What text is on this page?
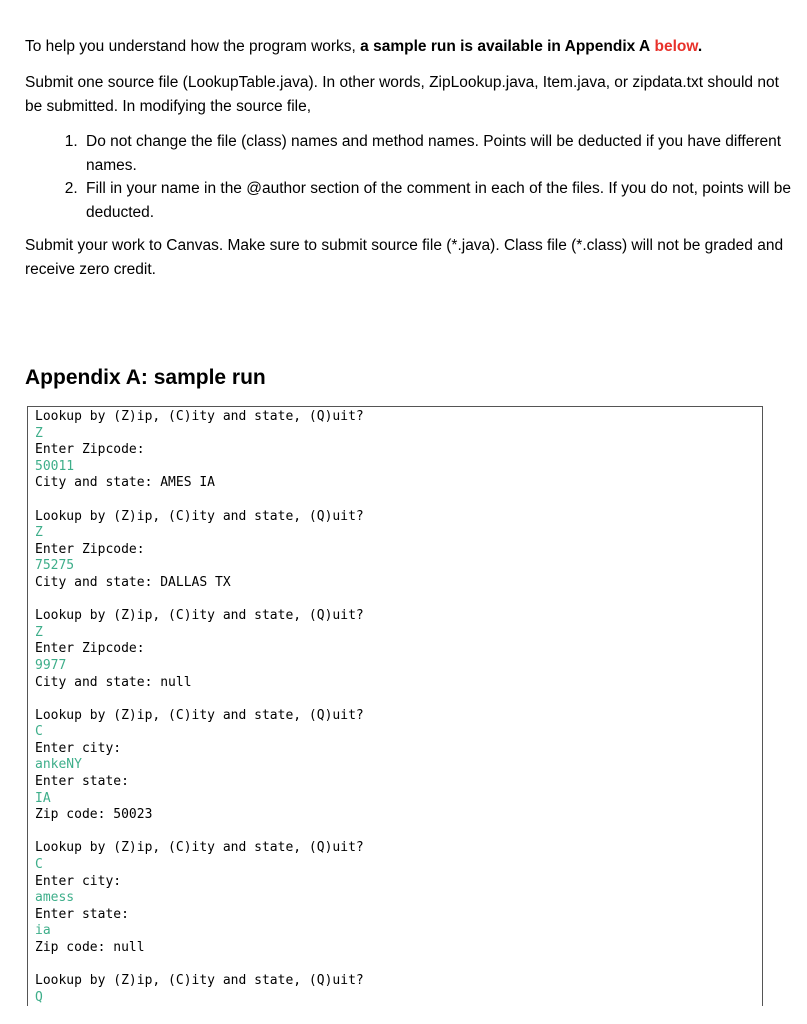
To help you understand how the program works, a sample run is available in Appendix A below.

Submit one source file (LookupTable.java). In other words, ZipLookup.java, Item.java, or zipdata.txt should not be submitted. In modifying the source file,

1. Do not change the file (class) names and method names. Points will be deducted if you have different names.
2. Fill in your name in the @author section of the comment in each of the files. If you do not, points will be deducted.

Submit your work to Canvas. Make sure to submit source file (*.java). Class file (*.class) will not be graded and receive zero credit.

Appendix A: sample run
Lookup by (Z)ip, (C)ity and state, (Q)uit?
Z
Enter Zipcode:
50011
City and state: AMES IA

Lookup by (Z)ip, (C)ity and state, (Q)uit?
Z
Enter Zipcode:
75275
City and state: DALLAS TX

Lookup by (Z)ip, (C)ity and state, (Q)uit?
Z
Enter Zipcode:
9977
City and state: null

Lookup by (Z)ip, (C)ity and state, (Q)uit?
C
Enter city:
ankeNY
Enter state:
IA
Zip code: 50023

Lookup by (Z)ip, (C)ity and state, (Q)uit?
C
Enter city:
amess
Enter state:
ia
Zip code: null

Lookup by (Z)ip, (C)ity and state, (Q)uit?
Q
